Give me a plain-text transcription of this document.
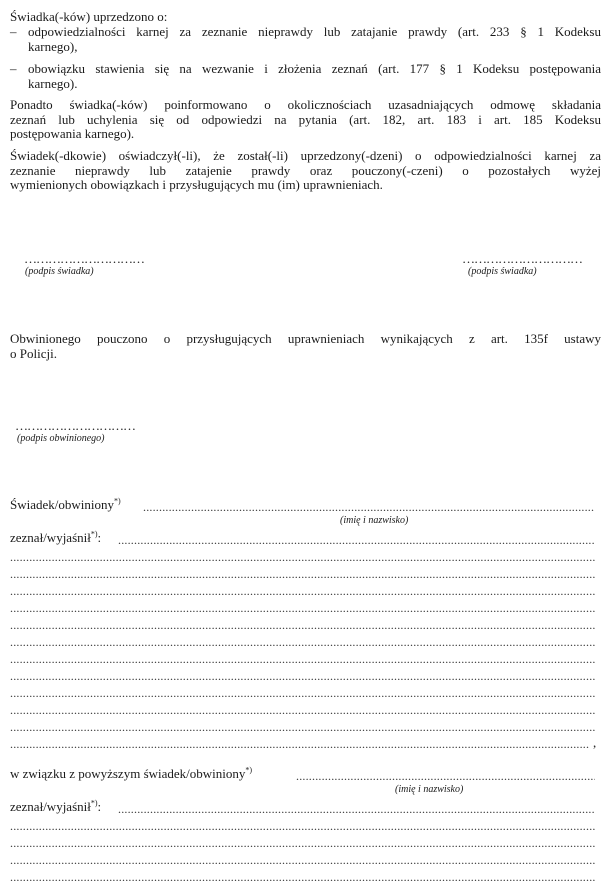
Świadka(-ków) uprzedzono o:
– odpowiedzialności karnej za zeznanie nieprawdy lub zatajanie prawdy (art. 233 § 1 Kodeksu
karnego),
– obowiązku stawienia się na wezwanie i złożenia zeznań (art. 177 § 1 Kodeksu postępowania
karnego).
Ponadto świadka(-ków) poinformowano o okolicznościach uzasadniających odmowę składania
zeznań lub uchylenia się od odpowiedzi na pytania (art. 182, art. 183 i art. 185 Kodeksu
postępowania karnego).
Świadek(-dkowie) oświadczył(-li), że został(-li) uprzedzony(-dzeni) o odpowiedzialności karnej za
zeznanie nieprawdy lub zatajenie prawdy oraz pouczony(-czeni) o pozostałych wyżej
wymienionych obowiązkach i przysługujących mu (im) uprawnieniach.
…………………………
(podpis świadka)
…………………………
(podpis świadka)
Obwinionego pouczono o przysługujących uprawnieniach wynikających z art. 135f ustawy
o Policji.
…………………………
(podpis obwinionego)
Świadek/obwiniony*)
.....
(imię i nazwisko)
zeznał/wyjaśnił*):
.....
.....
.....
.....
.....
.....
.....
.....
.....
.....
.....
.....
.....
,
w związku z powyższym świadek/obwiniony*)
.....
(imię i nazwisko)
zeznał/wyjaśnił*):
.....
.....
.....
.....
.....
